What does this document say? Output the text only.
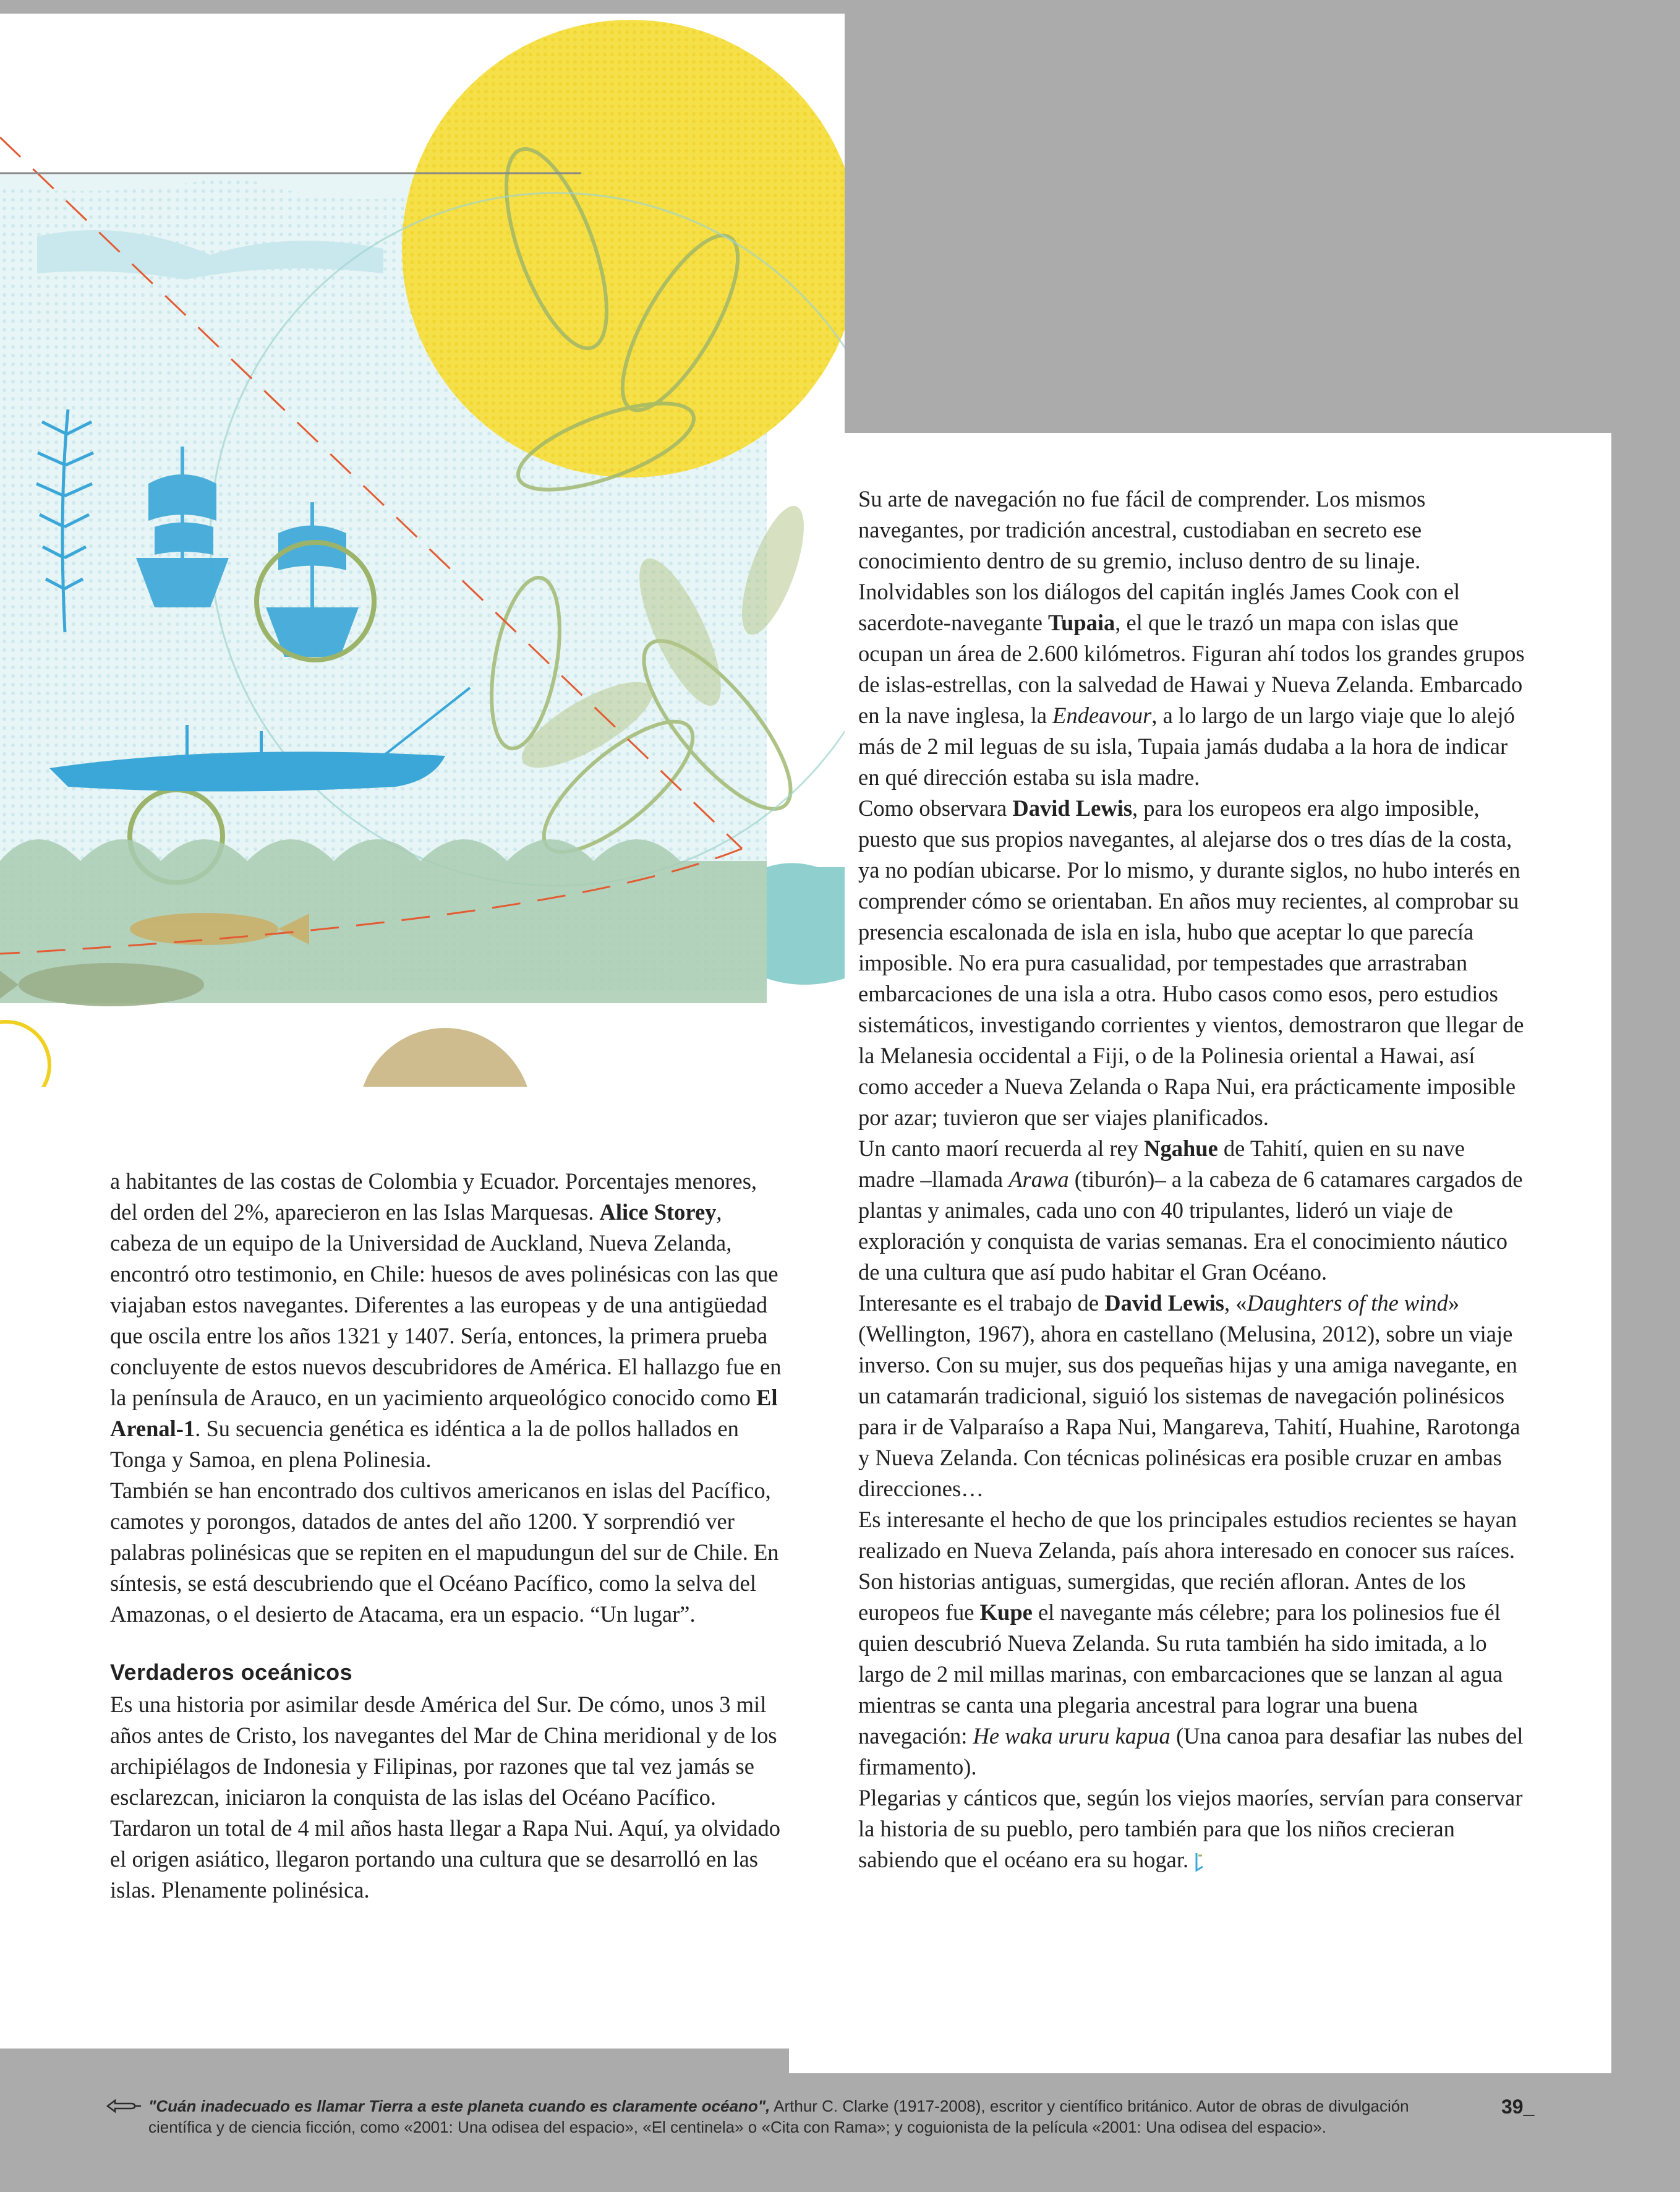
a habitantes de las costas de Colombia y Ecuador. Porcentajes menores, del orden del 2%, aparecieron en las Islas Marquesas. Alice Storey, cabeza de un equipo de la Universidad de Auckland, Nueva Zelanda, encontró otro testimonio, en Chile: huesos de aves polinésicas con las que viajaban estos navegantes. Diferentes a las europeas y de una antigüedad que oscila entre los años 1321 y 1407. Sería, entonces, la primera prueba concluyente de estos nuevos descubridores de América. El hallazgo fue en la península de Arauco, en un yacimiento arqueológico conocido como El Arenal-1. Su secuencia genética es idéntica a la de pollos hallados en Tonga y Samoa, en plena Polinesia.

También se han encontrado dos cultivos americanos en islas del Pacífico, camotes y porongos, datados de antes del año 1200. Y sorprendió ver palabras polinésicas que se repiten en el mapudungun del sur de Chile. En síntesis, se está descubriendo que el Océano Pacífico, como la selva del Amazonas, o el desierto de Atacama, era un espacio. “Un lugar”.

Verdaderos oceánicos

Es una historia por asimilar desde América del Sur. De cómo, unos 3 mil años antes de Cristo, los navegantes del Mar de China meridional y de los archipiélagos de Indonesia y Filipinas, por razones que tal vez jamás se esclarezcan, iniciaron la conquista de las islas del Océano Pacífico. Tardaron un total de 4 mil años hasta llegar a Rapa Nui. Aquí, ya olvidado el origen asiático, llegaron portando una cultura que se desarrolló en las islas. Plenamente polinésica.

Su arte de navegación no fue fácil de comprender. Los mismos navegantes, por tradición ancestral, custodiaban en secreto ese conocimiento dentro de su gremio, incluso dentro de su linaje. Inolvidables son los diálogos del capitán inglés James Cook con el sacerdote-navegante Tupaia, el que le trazó un mapa con islas que ocupan un área de 2.600 kilómetros. Figuran ahí todos los grandes grupos de islas-estrellas, con la salvedad de Hawai y Nueva Zelanda. Embarcado en la nave inglesa, la Endeavour, a lo largo de un largo viaje que lo alejó más de 2 mil leguas de su isla, Tupaia jamás dudaba a la hora de indicar en qué dirección estaba su isla madre.

Como observara David Lewis, para los europeos era algo imposible, puesto que sus propios navegantes, al alejarse dos o tres días de la costa, ya no podían ubicarse. Por lo mismo, y durante siglos, no hubo interés en comprender cómo se orientaban. En años muy recientes, al comprobar su presencia escalonada de isla en isla, hubo que aceptar lo que parecía imposible. No era pura casualidad, por tempestades que arrastraban embarcaciones de una isla a otra. Hubo casos como esos, pero estudios sistemáticos, investigando corrientes y vientos, demostraron que llegar de la Melanesia occidental a Fiji, o de la Polinesia oriental a Hawai, así como acceder a Nueva Zelanda o Rapa Nui, era prácticamente imposible por azar; tuvieron que ser viajes planificados.

Un canto maorí recuerda al rey Ngahue de Tahití, quien en su nave madre –llamada Arawa (tiburón)– a la cabeza de 6 catamares cargados de plantas y animales, cada uno con 40 tripulantes, lideró un viaje de exploración y conquista de varias semanas. Era el conocimiento náutico de una cultura que así pudo habitar el Gran Océano.

Interesante es el trabajo de David Lewis, «Daughters of the wind» (Wellington, 1967), ahora en castellano (Melusina, 2012), sobre un viaje inverso. Con su mujer, sus dos pequeñas hijas y una amiga navegante, en un catamarán tradicional, siguió los sistemas de navegación polinésicos para ir de Valparaíso a Rapa Nui, Mangareva, Tahití, Huahine, Rarotonga y Nueva Zelanda. Con técnicas polinésicas era posible cruzar en ambas direcciones…

Es interesante el hecho de que los principales estudios recientes se hayan realizado en Nueva Zelanda, país ahora interesado en conocer sus raíces.

Son historias antiguas, sumergidas, que recién afloran. Antes de los europeos fue Kupe el navegante más célebre; para los polinesios fue él quien descubrió Nueva Zelanda. Su ruta también ha sido imitada, a lo largo de 2 mil millas marinas, con embarcaciones que se lanzan al agua mientras se canta una plegaria ancestral para lograr una buena navegación: He waka ururu kapua (Una canoa para desafiar las nubes del firmamento).

Plegarias y cánticos que, según los viejos maoríes, servían para conservar la historia de su pueblo, pero también para que los niños crecieran sabiendo que el océano era su hogar.

"Cuán inadecuado es llamar Tierra a este planeta cuando es claramente océano", Arthur C. Clarke (1917-2008), escritor y científico británico. Autor de obras de divulgación científica y de ciencia ficción, como «2001: Una odisea del espacio», «El centinela» o «Cita con Rama»; y coguionista de la película «2001: Una odisea del espacio».
39_
